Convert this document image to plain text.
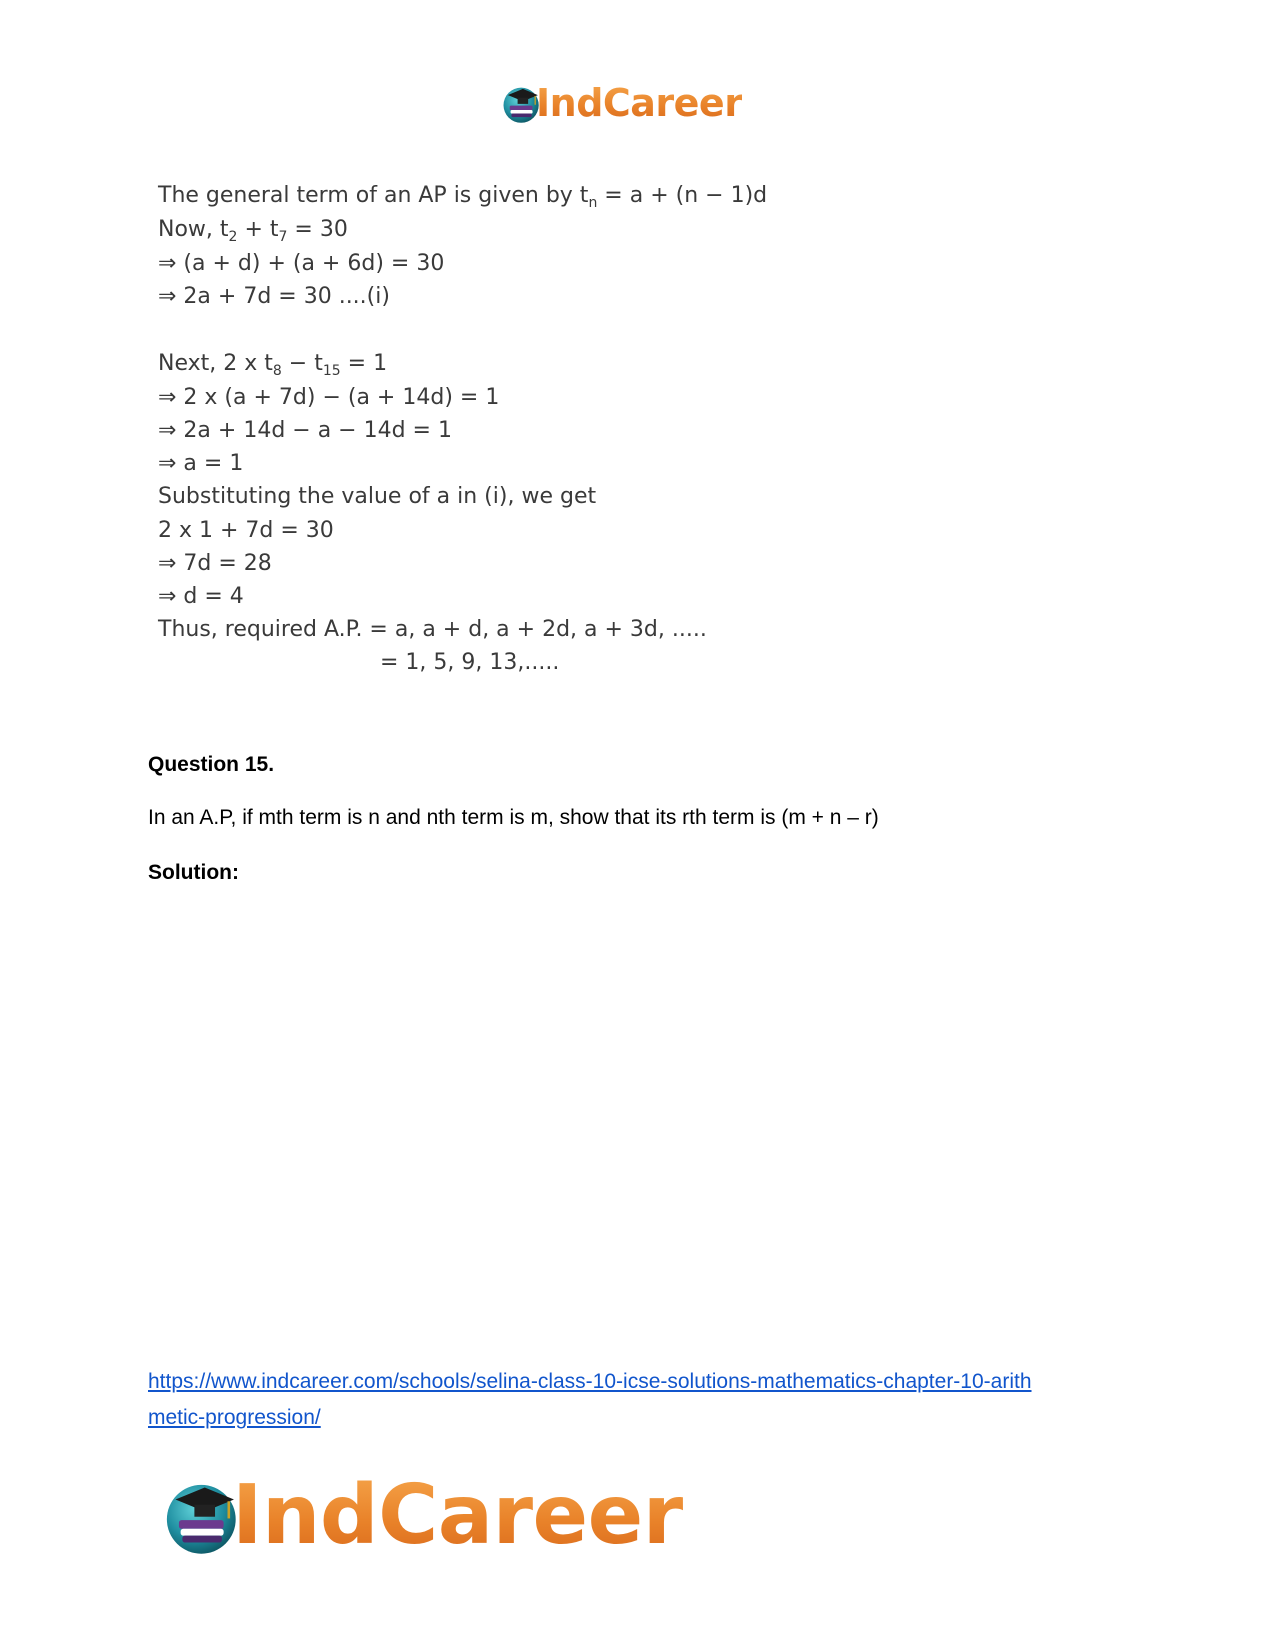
IndCareer
The general term of an AP is given by $t_n = a + (n - 1)d$
Now, $t_2 + t_7 = 30$
⇒ (a + d) + (a + 6d) = 30
⇒ 2a + 7d = 30 ....(i)
Next, 2 x $t_8 - t_{15} = 1$
⇒ 2 x (a + 7d) − (a + 14d) = 1
⇒ 2a + 14d − a − 14d = 1
⇒ a = 1
Substituting the value of a in (i), we get
2 x 1 + 7d = 30
⇒ 7d = 28
⇒ d = 4
Thus, required A.P. = a, a + d, a + 2d, a + 3d, .....
= 1, 5, 9, 13,.....
Question 15.
In an A.P, if mth term is n and nth term is m, show that its rth term is (m + n – r)
Solution:
https://www.indcareer.com/schools/selina-class-10-icse-solutions-mathematics-chapter-10-arith
metic-progression/
IndCareer
